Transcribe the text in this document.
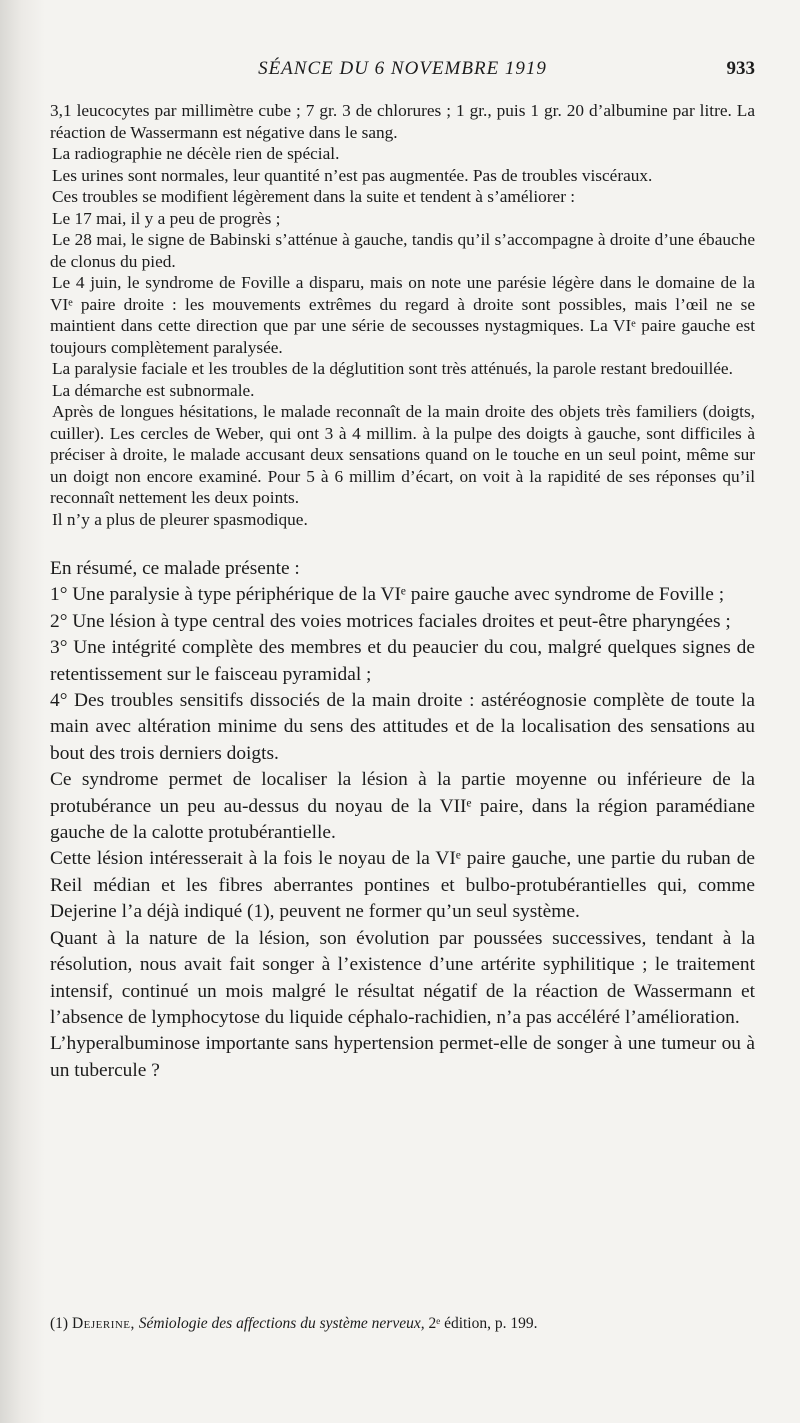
SÉANCE DU 6 NOVEMBRE 1919	933

3,1 leucocytes par millimètre cube ; 7 gr. 3 de chlorures ; 1 gr., puis 1 gr. 20 d’albumine par litre. La réaction de Wassermann est négative dans le sang.

La radiographie ne décèle rien de spécial.

Les urines sont normales, leur quantité n’est pas augmentée. Pas de troubles viscéraux.

Ces troubles se modifient légèrement dans la suite et tendent à s’améliorer :

Le 17 mai, il y a peu de progrès ;

Le 28 mai, le signe de Babinski s’atténue à gauche, tandis qu’il s’accompagne à droite d’une ébauche de clonus du pied.

Le 4 juin, le syndrome de Foville a disparu, mais on note une parésie légère dans le domaine de la VIᵉ paire droite : les mouvements extrêmes du regard à droite sont possibles, mais l’œil ne se maintient dans cette direction que par une série de secousses nystagmiques. La VIᵉ paire gauche est toujours complètement paralysée.

La paralysie faciale et les troubles de la déglutition sont très atténués, la parole restant bredouillée.

La démarche est subnormale.

Après de longues hésitations, le malade reconnaît de la main droite des objets très familiers (doigts, cuiller). Les cercles de Weber, qui ont 3 à 4 millim. à la pulpe des doigts à gauche, sont difficiles à préciser à droite, le malade accusant deux sensations quand on le touche en un seul point, même sur un doigt non encore examiné. Pour 5 à 6 millim d’écart, on voit à la rapidité de ses réponses qu’il reconnaît nettement les deux points.

Il n’y a plus de pleurer spasmodique.

En résumé, ce malade présente :

1° Une paralysie à type périphérique de la VIᵉ paire gauche avec syndrome de Foville ;

2° Une lésion à type central des voies motrices faciales droites et peut-être pharyngées ;

3° Une intégrité complète des membres et du peaucier du cou, malgré quelques signes de retentissement sur le faisceau pyramidal ;

4° Des troubles sensitifs dissociés de la main droite : astéréognosie complète de toute la main avec altération minime du sens des attitudes et de la localisation des sensations au bout des trois derniers doigts.

Ce syndrome permet de localiser la lésion à la partie moyenne ou inférieure de la protubérance un peu au-dessus du noyau de la VIIᵉ paire, dans la région paramédiane gauche de la calotte protubérantielle.

Cette lésion intéresserait à la fois le noyau de la VIᵉ paire gauche, une partie du ruban de Reil médian et les fibres aberrantes pontines et bulbo-protubérantielles qui, comme Dejerine l’a déjà indiqué (1), peuvent ne former qu’un seul système.

Quant à la nature de la lésion, son évolution par poussées successives, tendant à la résolution, nous avait fait songer à l’existence d’une artérite syphilitique ; le traitement intensif, continué un mois malgré le résultat négatif de la réaction de Wassermann et l’absence de lymphocytose du liquide céphalo-rachidien, n’a pas accéléré l’amélioration.

L’hyperalbuminose importante sans hypertension permet-elle de songer à une tumeur ou à un tubercule ?

(1) Dejerine, Sémiologie des affections du système nerveux, 2ᵉ édition, p. 199.
